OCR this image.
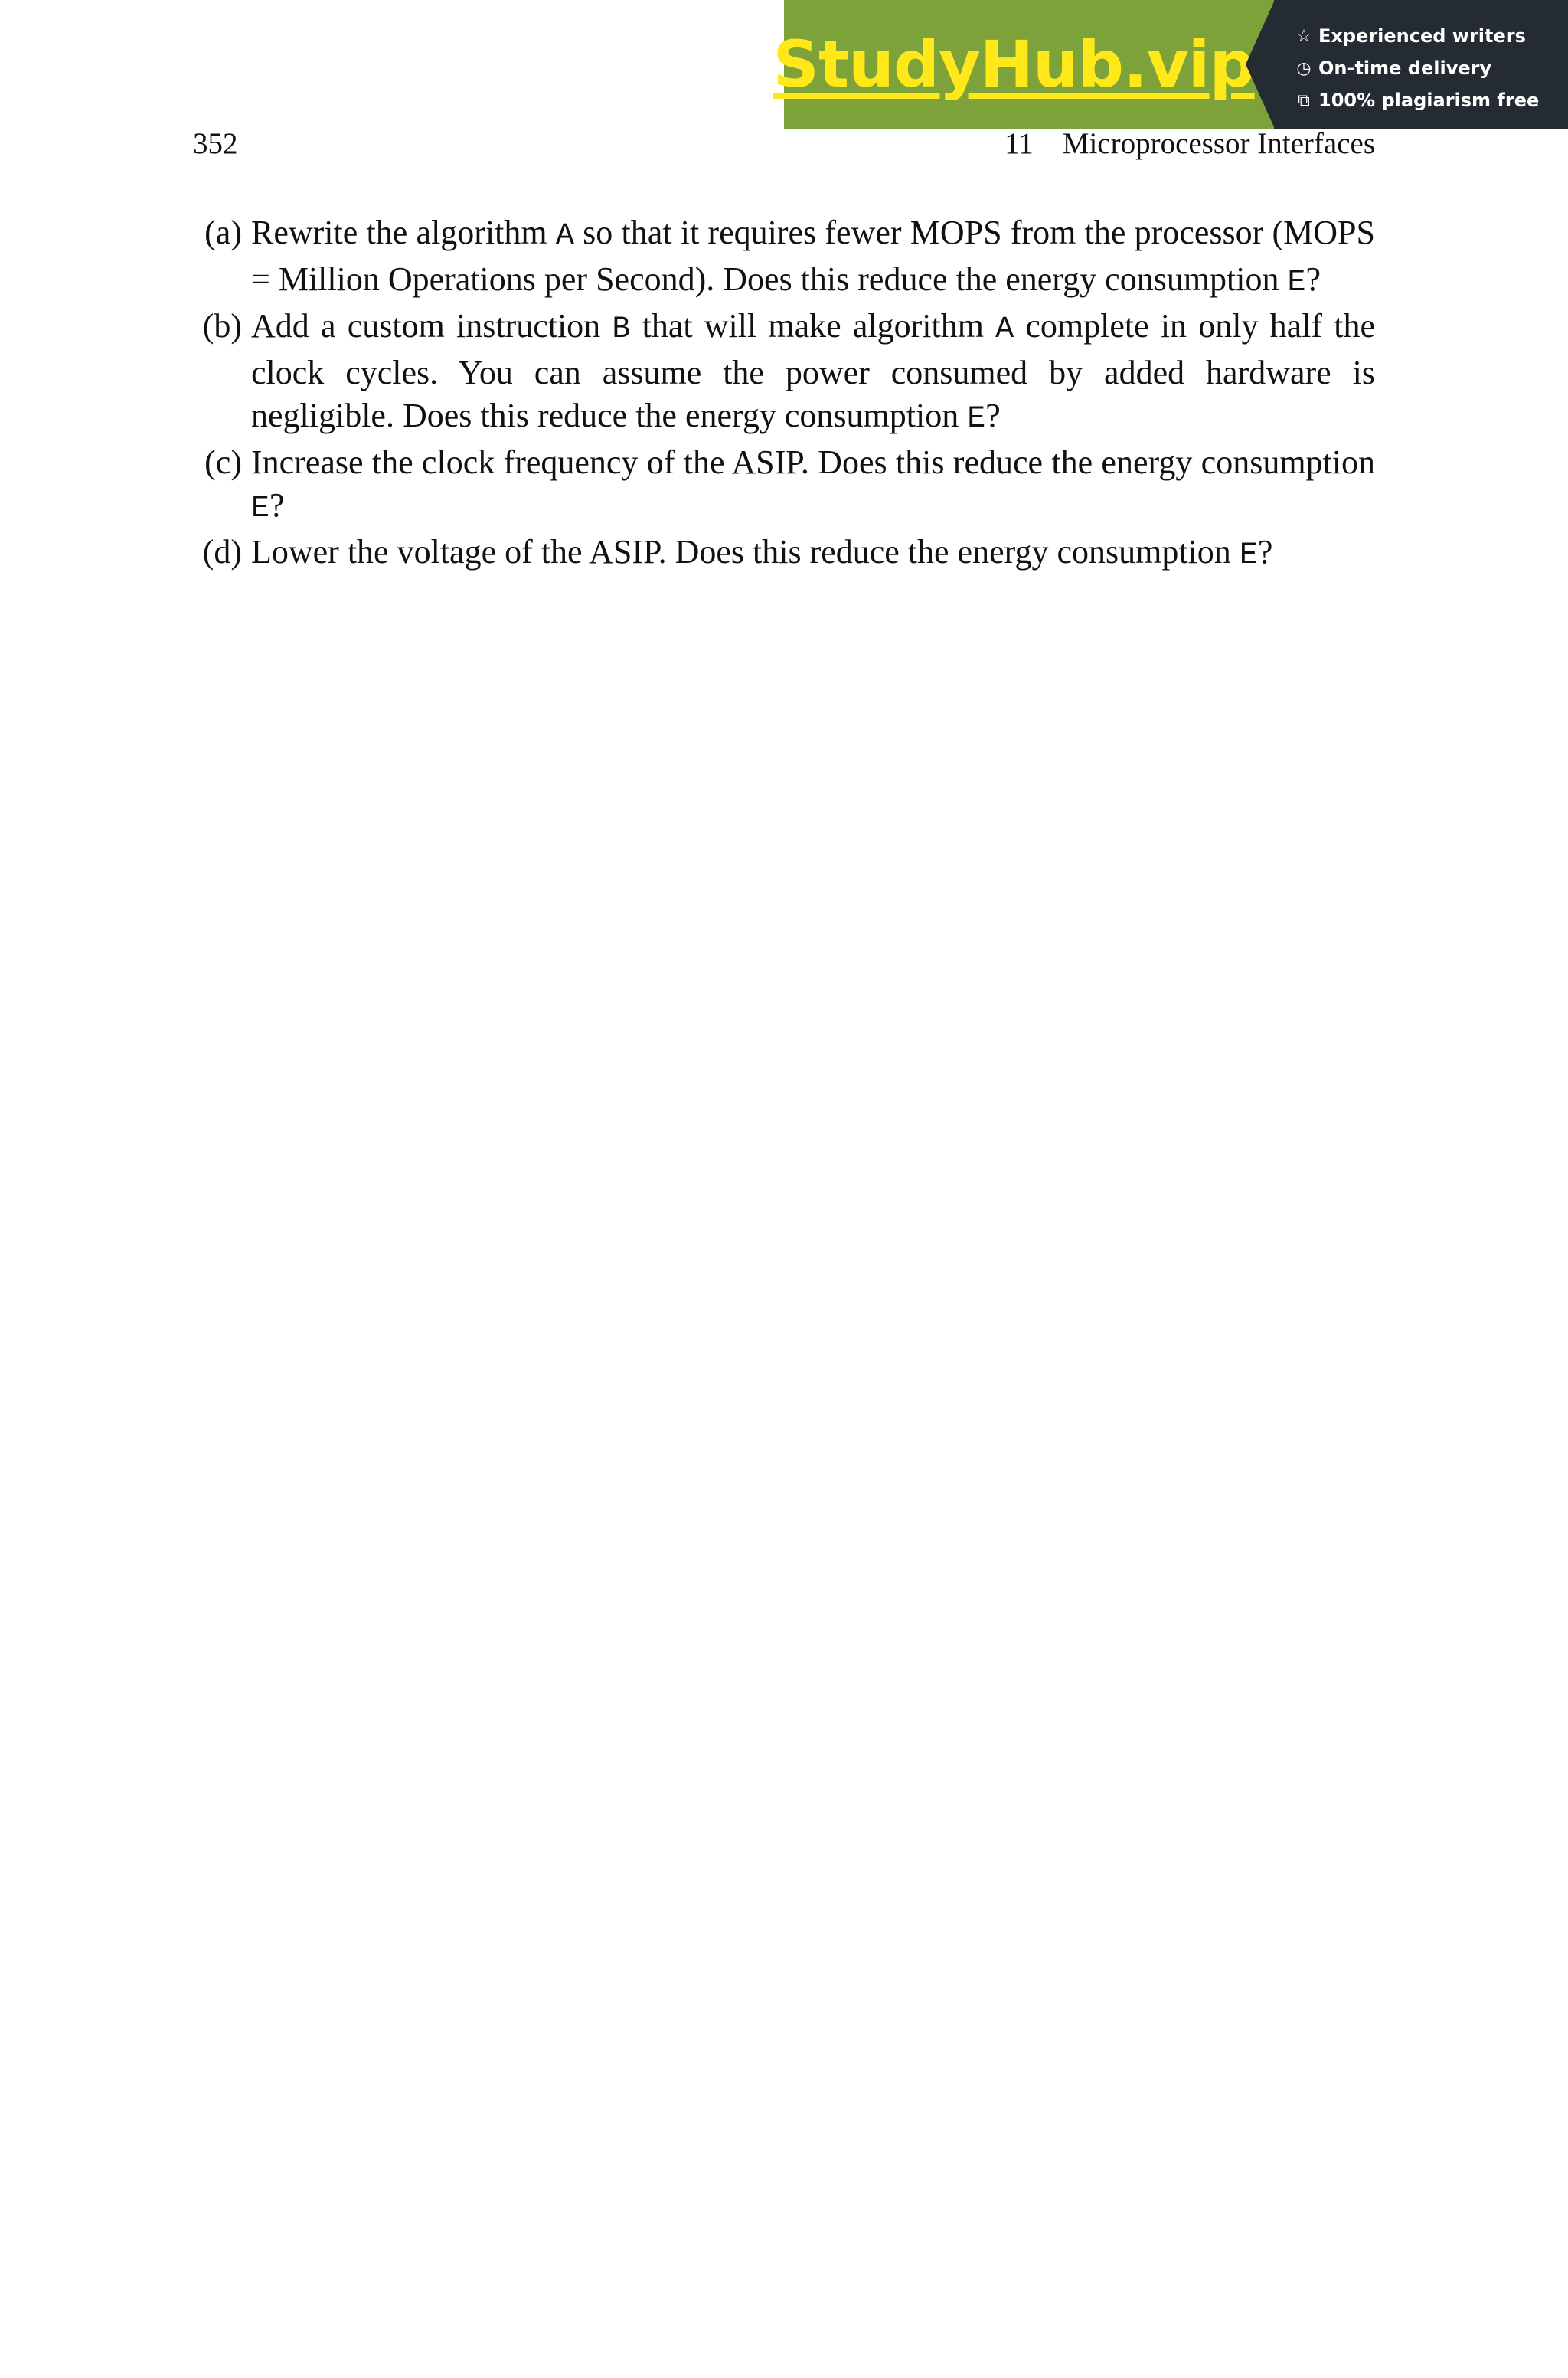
StudyHub.vip ☆ Experienced writers
◷ On-time delivery
⧉ 100% plagiarism free
352	11 Microprocessor Interfaces
(a) Rewrite the algorithm A so that it requires fewer MOPS from the processor (MOPS = Million Operations per Second). Does this reduce the energy consumption E?
(b) Add a custom instruction B that will make algorithm A complete in only half the clock cycles. You can assume the power consumed by added hardware is negligible. Does this reduce the energy consumption E?
(c) Increase the clock frequency of the ASIP. Does this reduce the energy consumption E?
(d) Lower the voltage of the ASIP. Does this reduce the energy consumption E?
